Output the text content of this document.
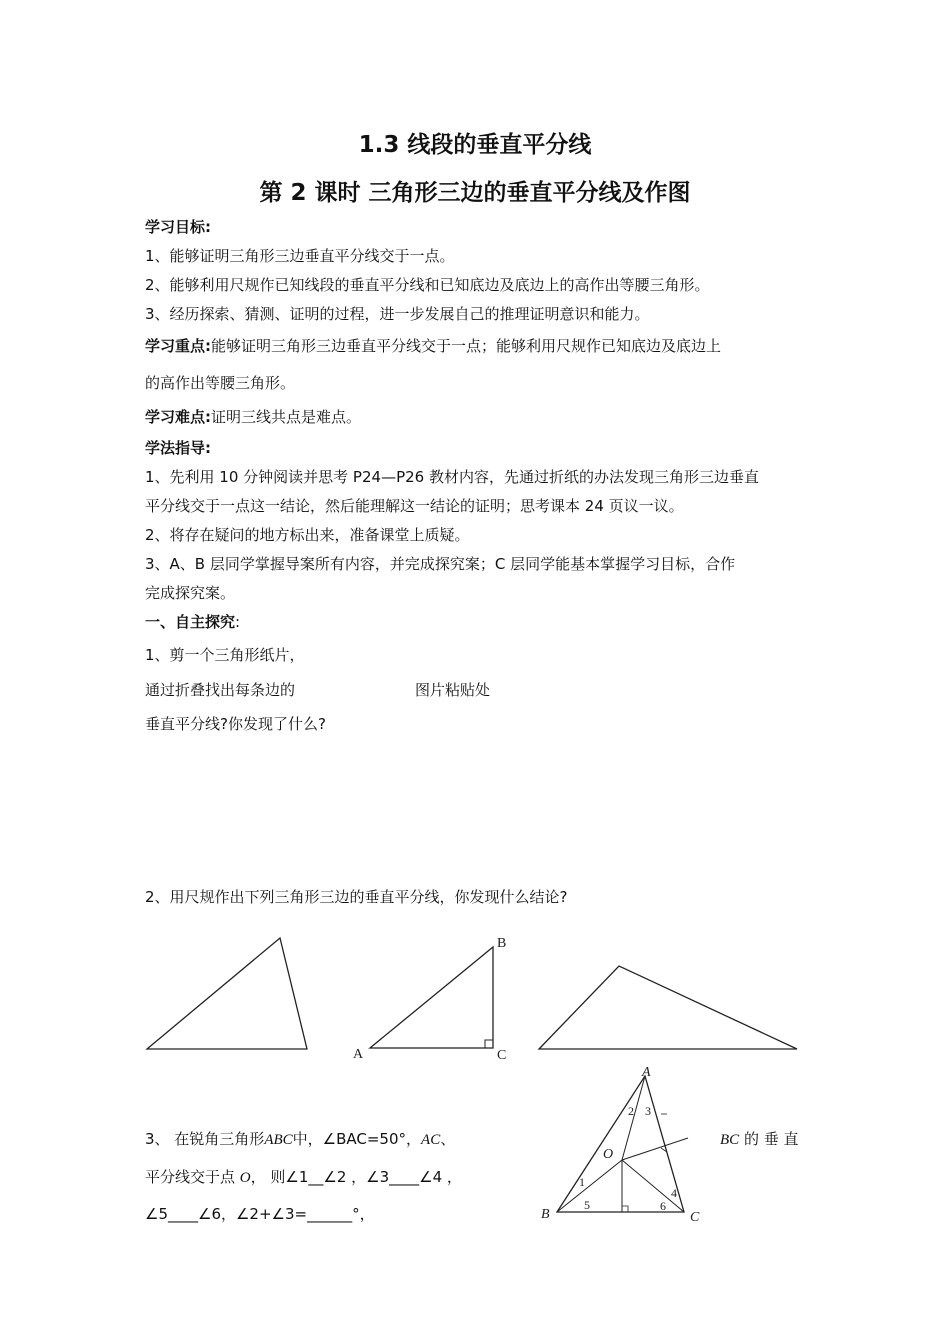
1.3 线段的垂直平分线
第 2 课时 三角形三边的垂直平分线及作图
学习目标:
1、能够证明三角形三边垂直平分线交于一点。
2、能够利用尺规作已知线段的垂直平分线和已知底边及底边上的高作出等腰三角形。
3、经历探索、猜测、证明的过程，进一步发展自己的推理证明意识和能力。
学习重点:能够证明三角形三边垂直平分线交于一点；能够利用尺规作已知底边及底边上
的高作出等腰三角形。
学习难点:证明三线共点是难点。
学法指导:
1、先利用 10 分钟阅读并思考 P24—P26 教材内容，先通过折纸的办法发现三角形三边垂直
平分线交于一点这一结论，然后能理解这一结论的证明；思考课本 24 页议一议。
2、将存在疑问的地方标出来，准备课堂上质疑。
3、A、B 层同学掌握导案所有内容，并完成探究案；C 层同学能基本掌握学习目标，合作
完成探究案。
一、自主探究:
1、剪一个三角形纸片，
通过折叠找出每条边的	图片粘贴处
垂直平分线?你发现了什么?
2、用尺规作出下列三角形三边的垂直平分线，你发现什么结论?
B
A	C
A
B	C
O
1
2 3
4
5	6
3、 在锐角三角形ABC中，∠BAC=50°，AC、	BC 的 垂 直
平分线交于点 O， 则∠1__∠2 ，∠3____∠4 ，
∠5____∠6，∠2+∠3=______°，
